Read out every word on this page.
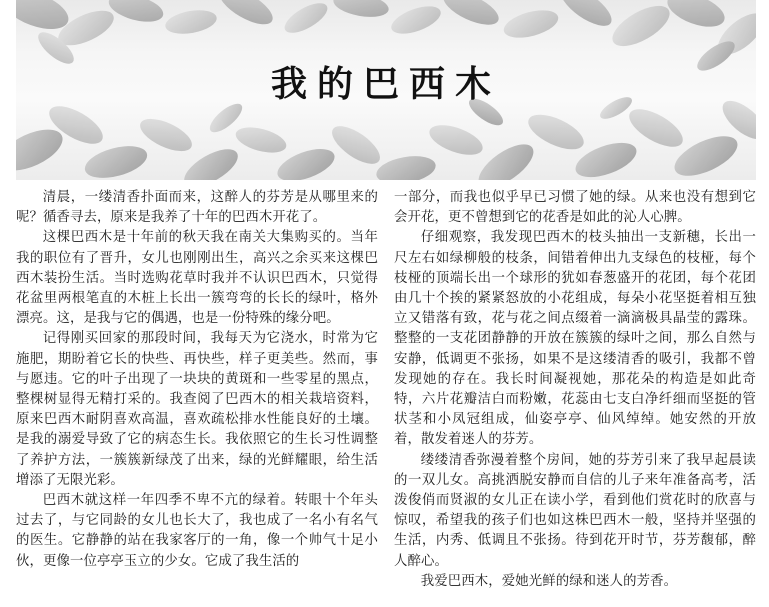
我的巴西木

清晨，一缕清香扑面而来，这醉人的芬芳是从哪里来的呢？循香寻去，原来是我养了十年的巴西木开花了。

这棵巴西木是十年前的秋天我在南关大集购买的。当年我的职位有了晋升，女儿也刚刚出生，高兴之余买来这棵巴西木装扮生活。当时选购花草时我并不认识巴西木，只觉得花盆里两根笔直的木桩上长出一簇弯弯的长长的绿叶，格外漂亮。这，是我与它的偶遇，也是一份特殊的缘分吧。

记得刚买回家的那段时间，我每天为它浇水，时常为它施肥，期盼着它长的快些、再快些，样子更美些。然而，事与愿违。它的叶子出现了一块块的黄斑和一些零星的黑点，整棵树显得无精打采的。我查阅了巴西木的相关栽培资料，原来巴西木耐阴喜欢高温，喜欢疏松排水性能良好的土壤。是我的溺爱导致了它的病态生长。我依照它的生长习性调整了养护方法，一簇簇新绿茂了出来，绿的光鲜耀眼，给生活增添了无限光彩。

巴西木就这样一年四季不卑不亢的绿着。转眼十个年头过去了，与它同龄的女儿也长大了，我也成了一名小有名气的医生。它静静的站在我家客厅的一角，像一个帅气十足小伙，更像一位亭亭玉立的少女。它成了我生活的

一部分，而我也似乎早已习惯了她的绿。从来也没有想到它会开花，更不曾想到它的花香是如此的沁人心脾。

仔细观察，我发现巴西木的枝头抽出一支新穗，长出一尺左右如绿柳般的枝条，间错着伸出九支绿色的枝桠，每个枝桠的顶端长出一个球形的犹如春葱盛开的花团，每个花团由几十个挨的紧紧怒放的小花组成，每朵小花坚挺着相互独立又错落有致，花与花之间点缀着一滴滴极具晶莹的露珠。整整的一支花团静静的开放在簇簇的绿叶之间，那么自然与安静，低调更不张扬，如果不是这缕清香的吸引，我都不曾发现她的存在。我长时间凝视她，那花朵的构造是如此奇特，六片花瓣洁白而粉嫩，花蕊由七支白净纤细而坚挺的管状茎和小凤冠组成，仙姿亭亭、仙风绰绰。她安然的开放着，散发着迷人的芬芳。

缕缕清香弥漫着整个房间，她的芬芳引来了我早起晨读的一双儿女。高挑洒脱安静而自信的儿子来年准备高考，活泼俊俏而贤淑的女儿正在读小学，看到他们赏花时的欣喜与惊叹，希望我的孩子们也如这株巴西木一般，坚持并坚强的生活，内秀、低调且不张扬。待到花开时节，芬芳馥郁，醉人醉心。

我爱巴西木，爱她光鲜的绿和迷人的芳香。
